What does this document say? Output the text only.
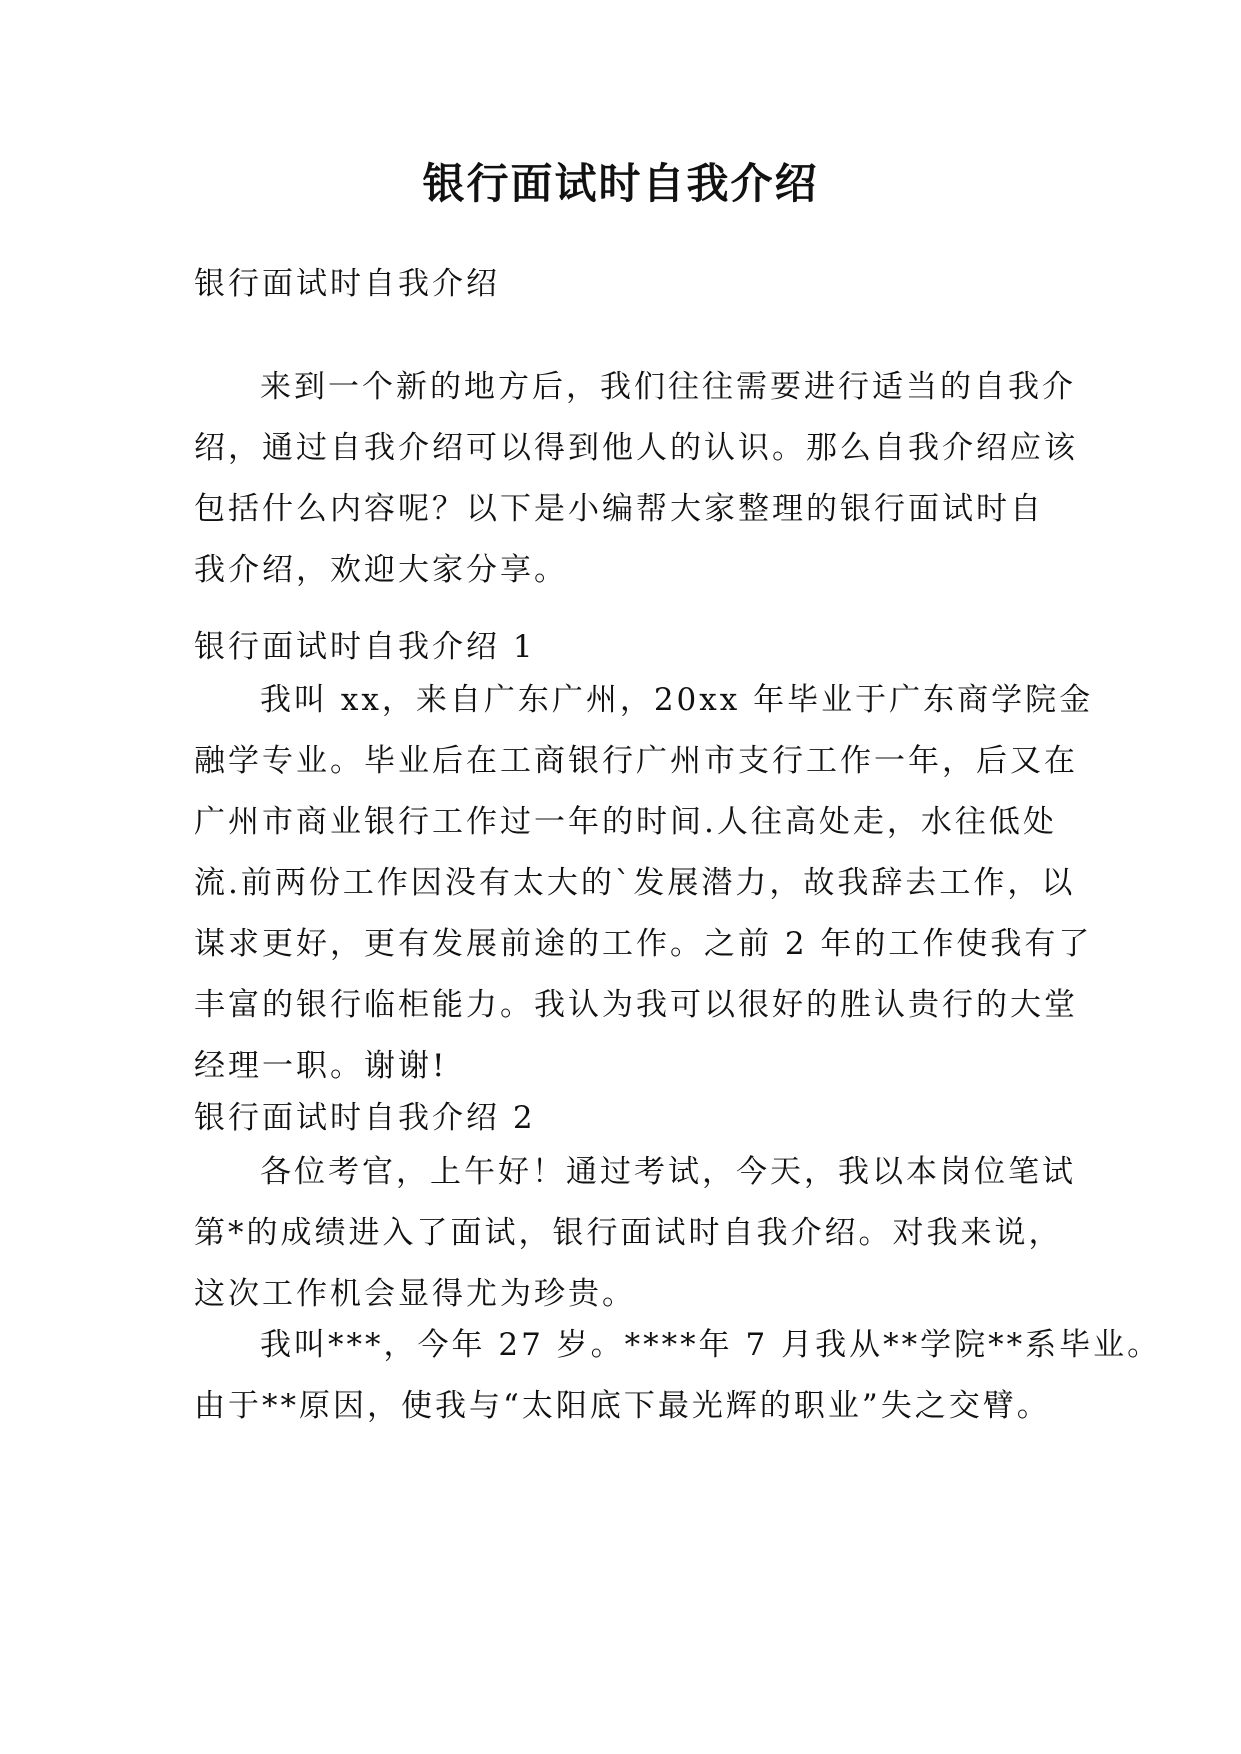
银行面试时自我介绍

银行面试时自我介绍

来到一个新的地方后，我们往往需要进行适当的自我介
绍，通过自我介绍可以得到他人的认识。那么自我介绍应该
包括什么内容呢？以下是小编帮大家整理的银行面试时自
我介绍，欢迎大家分享。

银行面试时自我介绍 1

我叫 xx，来自广东广州，20xx 年毕业于广东商学院金
融学专业。毕业后在工商银行广州市支行工作一年，后又在
广州市商业银行工作过一年的时间.人往高处走，水往低处
流.前两份工作因没有太大的`发展潜力，故我辞去工作，以
谋求更好，更有发展前途的工作。之前 2 年的工作使我有了
丰富的银行临柜能力。我认为我可以很好的胜认贵行的大堂
经理一职。谢谢!

银行面试时自我介绍 2

各位考官，上午好！通过考试，今天，我以本岗位笔试
第*的成绩进入了面试，银行面试时自我介绍。对我来说，
这次工作机会显得尤为珍贵。
我叫***，今年 27 岁。****年 7 月我从**学院**系毕业。
由于**原因，使我与“太阳底下最光辉的职业”失之交臂。
